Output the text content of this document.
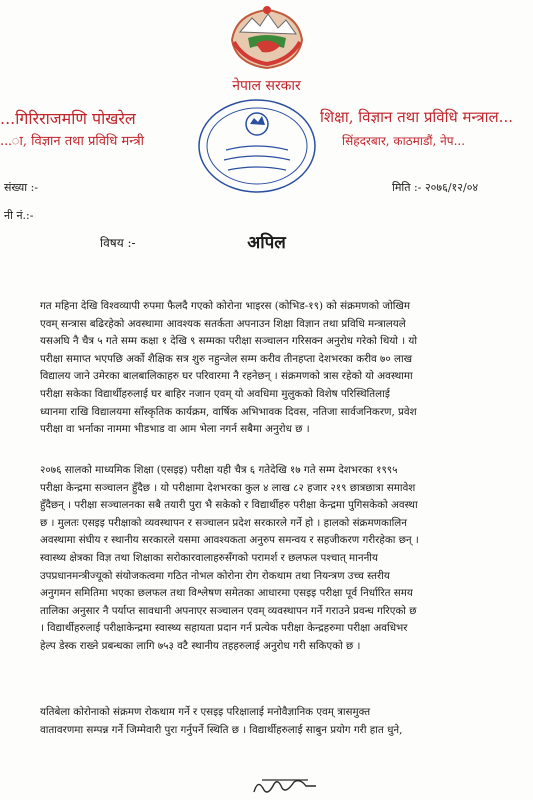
नेपाल सरकार
...गिरिराजमणि पोखरेल
...ा, विज्ञान तथा प्रविधि मन्त्री
शिक्षा, विज्ञान तथा प्रविधि मन्त्राल...
सिंहदरबार, काठमाडौं, नेप...
संख्या :-
नी नं.:-
मिति :- २०७६/१२/०४
विषय :-	अपिल
गत महिना देखि विश्वव्यापी रुपमा फैलदै गएको कोरोना भाइरस (कोभिड-१९) को संक्रमणको जोखिम
एवम् सन्त्रास बढिरहेको अवस्थामा आवश्यक सतर्कता अपनाउन शिक्षा विज्ञान तथा प्रविधि मन्त्रालयले
यसअघि नै चैत्र ५ गते सम्म कक्षा १ देखि ९ सम्मका परीक्षा सञ्चालन गरिसक्न अनुरोध गरेको थियो । यो
परीक्षा समाप्त भएपछि अर्को शैक्षिक सत्र शुरु नहुन्जेल सम्म करीव तीनहप्ता देशभरका करीव ७० लाख
विद्यालय जाने उमेरका बालबालिकाहरु घर परिवारमा नै रहनेछन् । संक्रमणको त्रास रहेको यो अवस्थामा
परीक्षा सकेका विद्यार्थीहरुलाई घर बाहिर नजान एवम् यो अवधिमा मुलुकको विशेष परिस्थितिलाई
ध्यानमा राखि विद्यालयमा साँस्कृतिक कार्यक्रम, वार्षिक अभिभावक दिवस, नतिजा सार्वजनिकरण, प्रवेश
परीक्षा वा भर्नाका नाममा भीडभाड वा आम भेला नगर्न सबैमा अनुरोध छ ।
२०७६ सालको माध्यमिक शिक्षा (एसइइ) परीक्षा यही चैत्र ६ गतेदेखि १७ गते सम्म देशभरका १९९५
परीक्षा केन्द्रमा सञ्चालन हुँदैछ । यो परीक्षामा देशभरका कुल ४ लाख ८२ हजार २१९ छात्रछात्रा समावेश
हुँदैछन् । परीक्षा सञ्चालनका सबै तयारी पुरा भै सकेको र विद्यार्थीहरु परीक्षा केन्द्रमा पुगिसकेको अवस्था
छ । मुलतः एसइइ परीक्षाको व्यवस्थापन र सञ्चालन प्रदेश सरकारले गर्ने हो । हालको संक्रमणकालिन
अवस्थामा संघीय र स्थानीय सरकारले यसमा आवश्यकता अनुरुप समन्वय र सहजीकरण गरीरहेका छन् ।
स्वास्थ्य क्षेत्रका विज्ञ तथा शिक्षाका सरोकारवालाहरुसँगको परामर्श र छलफल पश्चात् माननीय
उपप्रधानमन्त्रीज्यूको संयोजकत्वमा गठित नोभल कोरोना रोग रोकथाम तथा नियन्त्रण उच्च स्तरीय
अनुगमन समितिमा भएका छलफल तथा विश्लेषण समेतका आधारमा एसइइ परीक्षा पूर्व निर्धारित समय
तालिका अनुसार नै पर्याप्त सावधानी अपनाएर सञ्चालन एवम् व्यवस्थापन गर्ने गराउने प्रवन्ध गरिएको छ
। विद्यार्थीहरुलाई परीक्षाकेन्द्रमा स्वास्थ्य सहायता प्रदान गर्न प्रत्येक परीक्षा केन्द्रहरुमा परीक्षा अवधिभर
हेल्प डेस्क राख्ने प्रबन्धका लागि ७५३ वटै स्थानीय तहहरुलाई अनुरोध गरी सकिएको छ ।
यतिबेला कोरोनाको संक्रमण रोकथाम गर्ने र एसइइ परिक्षालाई मनोवैज्ञानिक एवम् त्रासमुक्त
वातावरणमा सम्पन्न गर्ने जिम्मेवारी पुरा गर्नुपर्ने स्थिति छ । विद्यार्थीहरुलाई साबुन प्रयोग गरी हात धुने,
